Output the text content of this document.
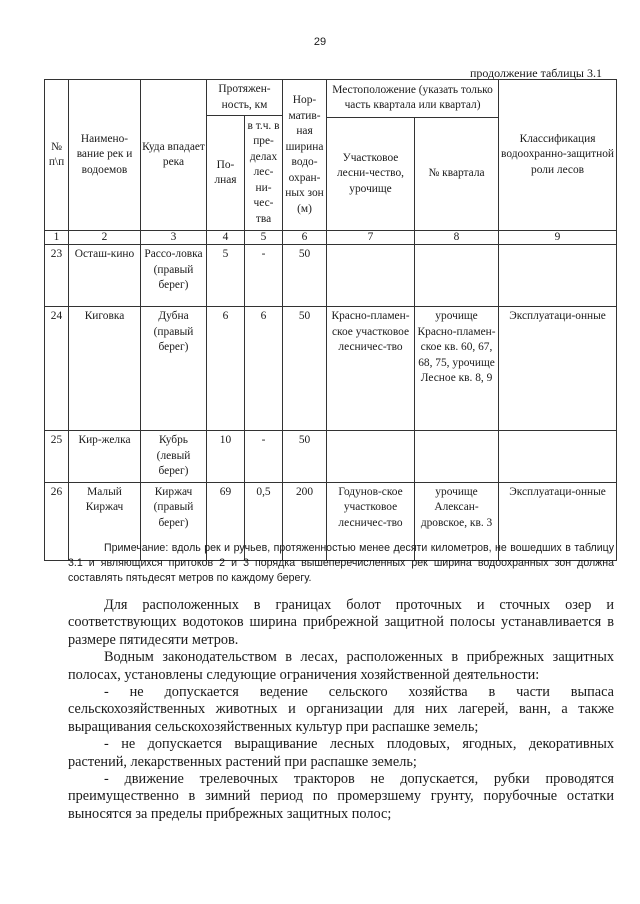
29
продолжение таблицы 3.1
№ п\п	Наимено-вание рек и водоемов	Куда впадает река	Протяжен-ность, км		Нор-матив-ная ширина водо-охран-ных зон (м)	Местоположение (указать только часть квартала или квартал)		Классификация водоохранно-защитной роли лесов
			По-лная	в т.ч. в пре-делах лес-ни-чес-тва				
						Участковое лесни-чество, урочище	№ квартала	
1	2	3	4	5	6	7	8	9
23	Осташ-кино	Рассо-ловка (правый берег)	5	-	50			
24	Киговка	Дубна (правый берег)	6	6	50	Красно-пламен-ское участковое лесничес-тво	урочище Красно-пламен-ское кв. 60, 67, 68, 75, урочище Лесное кв. 8, 9	Эксплуатаци-онные
25	Кир-желка	Кубрь (левый берег)	10	-	50			
26	Малый Киржач	Киржач (правый берег)	69	0,5	200	Годунов-ское участковое лесничес-тво	урочище Алексан-дровское, кв. 3	Эксплуатаци-онные
Примечание: вдоль рек и ручьев, протяженностью менее десяти километров, не вошедших в таблицу 3.1 и являющихся притоков 2 и 3 порядка вышеперечисленных рек ширина водоохранных зон должна составлять пятьдесят метров по каждому берегу.

Для расположенных в границах болот проточных и сточных озер и соответствующих водотоков ширина прибрежной защитной полосы устанавливается в размере пятидесяти метров.

Водным законодательством в лесах, расположенных в прибрежных защитных полосах, установлены следующие ограничения хозяйственной деятельности:

- не допускается ведение сельского хозяйства в части выпаса сельскохозяйственных животных и организации для них лагерей, ванн, а также выращивания сельскохозяйственных культур при распашке земель;

- не допускается выращивание лесных плодовых, ягодных, декоративных растений, лекарственных растений при распашке земель;

- движение трелевочных тракторов не допускается, рубки проводятся преимущественно в зимний период по промерзшему грунту, порубочные остатки выносятся за пределы прибрежных защитных полос;
